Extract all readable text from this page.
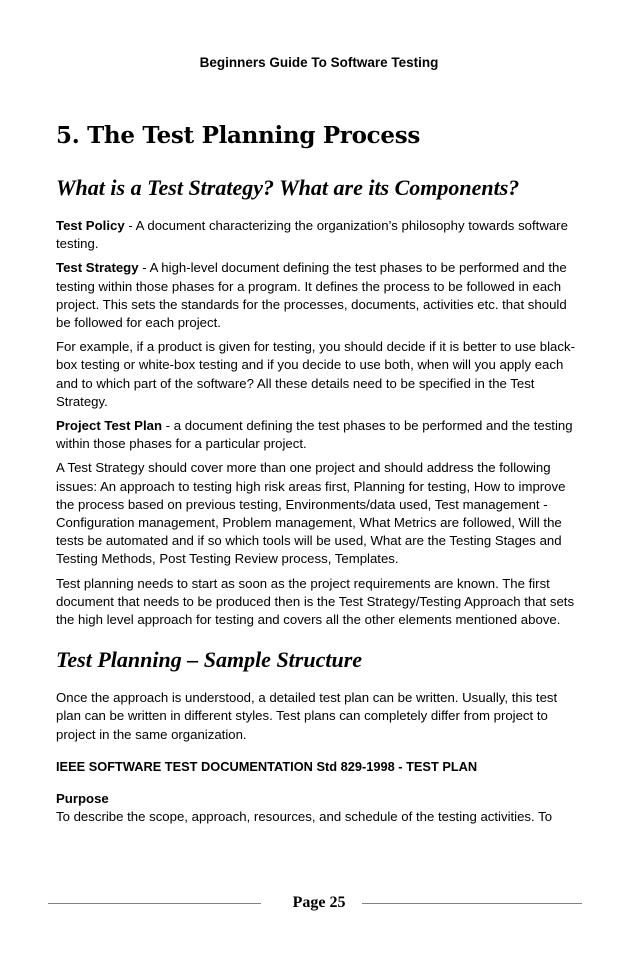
Beginners Guide To Software Testing
5. The Test Planning Process
What is a Test Strategy? What are its Components?

Test Policy - A document characterizing the organization’s philosophy towards software testing.

Test Strategy - A high-level document defining the test phases to be performed and the testing within those phases for a program. It defines the process to be followed in each project. This sets the standards for the processes, documents, activities etc. that should be followed for each project.

For example, if a product is given for testing, you should decide if it is better to use black-box testing or white-box testing and if you decide to use both, when will you apply each and to which part of the software? All these details need to be specified in the Test Strategy.

Project Test Plan - a document defining the test phases to be performed and the testing within those phases for a particular project.

A Test Strategy should cover more than one project and should address the following issues: An approach to testing high risk areas first, Planning for testing, How to improve the process based on previous testing, Environments/data used, Test management - Configuration management, Problem management, What Metrics are followed, Will the tests be automated and if so which tools will be used, What are the Testing Stages and Testing Methods, Post Testing Review process, Templates.

Test planning needs to start as soon as the project requirements are known. The first document that needs to be produced then is the Test Strategy/Testing Approach that sets the high level approach for testing and covers all the other elements mentioned above.

Test Planning – Sample Structure

Once the approach is understood, a detailed test plan can be written. Usually, this test plan can be written in different styles. Test plans can completely differ from project to project in the same organization.

IEEE SOFTWARE TEST DOCUMENTATION Std 829-1998 - TEST PLAN

Purpose

To describe the scope, approach, resources, and schedule of the testing activities. To

Page 25
